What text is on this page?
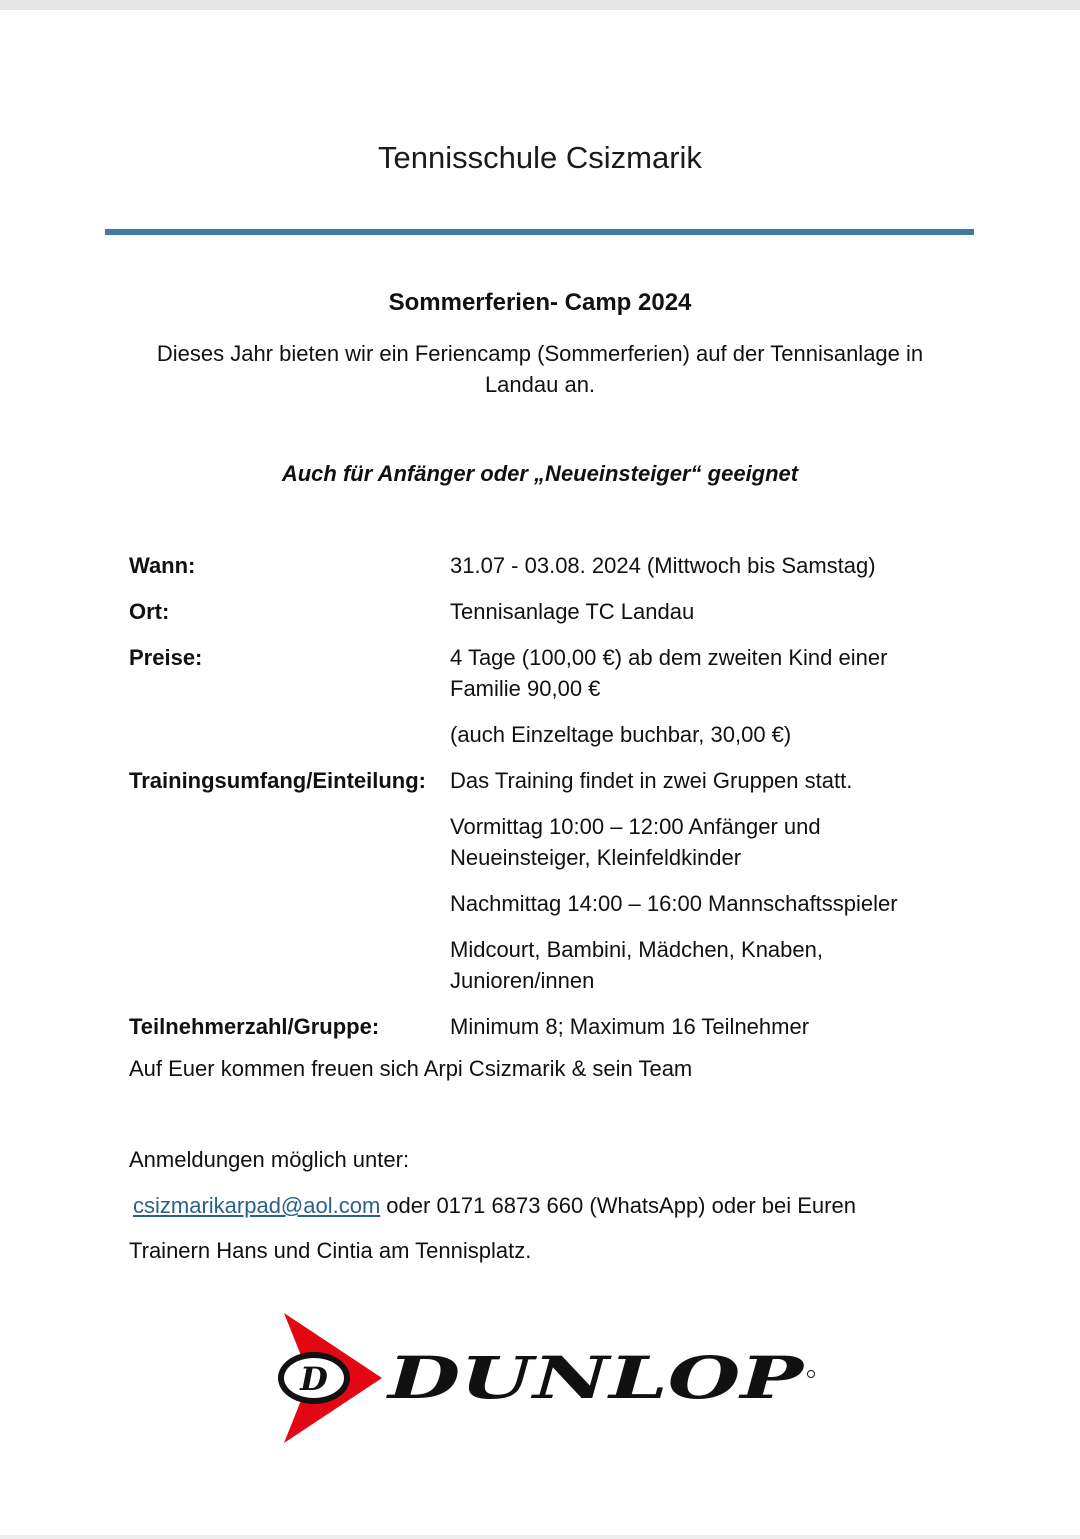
Tennisschule Csizmarik
Sommerferien- Camp 2024
Dieses Jahr bieten wir ein Feriencamp (Sommerferien) auf der Tennisanlage in Landau an.
Auch für Anfänger oder „Neueinsteiger“ geeignet
Wann:	31.07 - 03.08. 2024 (Mittwoch bis Samstag)

Ort:	Tennisanlage TC Landau

Preise:	4 Tage (100,00 €) ab dem zweiten Kind einer Familie 90,00 €

(auch Einzeltage buchbar, 30,00 €)

Trainingsumfang/Einteilung:	Das Training findet in zwei Gruppen statt.

Vormittag 10:00 – 12:00 Anfänger und Neueinsteiger, Kleinfeldkinder

Nachmittag 14:00 – 16:00 Mannschaftsspieler

Midcourt, Bambini, Mädchen, Knaben, Junioren/innen

Teilnehmerzahl/Gruppe:	Minimum 8; Maximum 16 Teilnehmer

Auf Euer kommen freuen sich Arpi Csizmarik & sein Team
Anmeldungen möglich unter:
csizmarikarpad@aol.com oder 0171 6873 660 (WhatsApp) oder bei Euren
Trainern Hans und Cintia am Tennisplatz.
D DUNLOP
